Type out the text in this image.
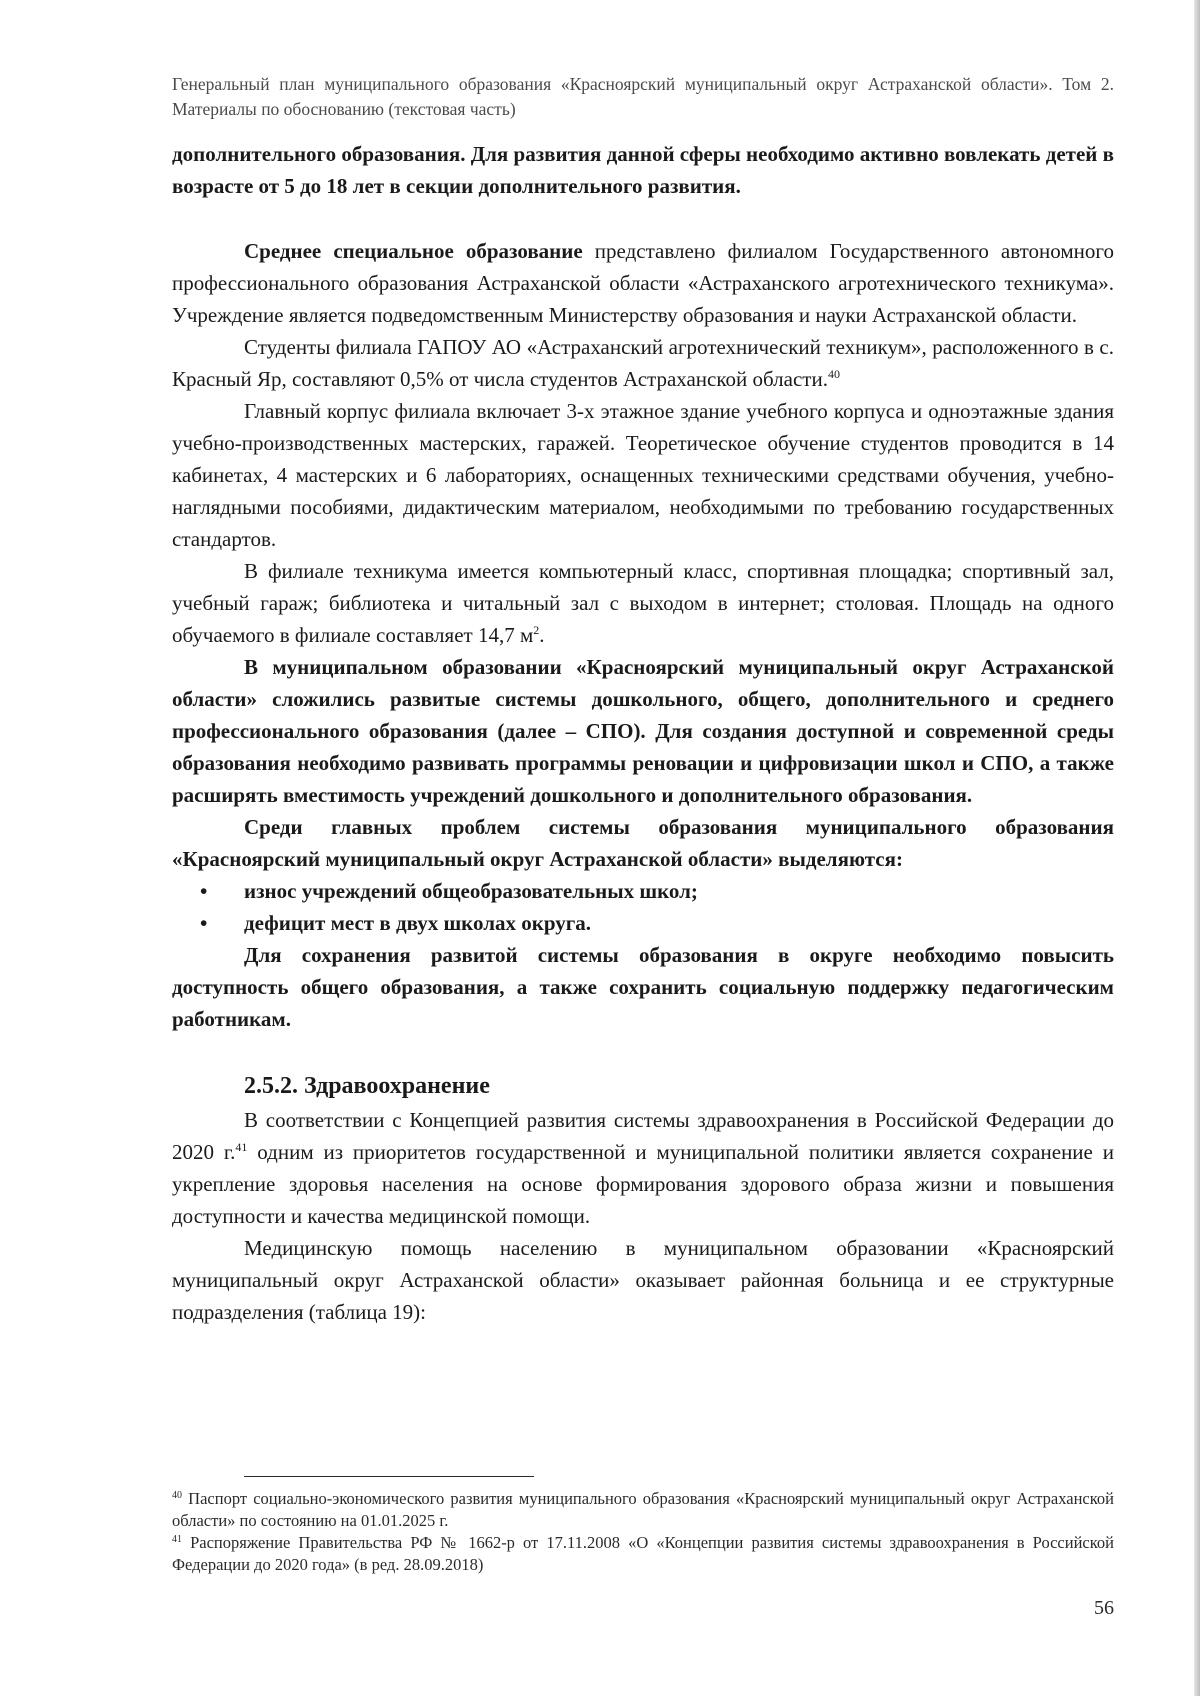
Генеральный план муниципального образования «Красноярский муниципальный округ Астраханской области». Том 2. Материалы по обоснованию (текстовая часть)

дополнительного образования. Для развития данной сферы необходимо активно вовлекать детей в возрасте от 5 до 18 лет в секции дополнительного развития.

Среднее специальное образование представлено филиалом Государственного автономного профессионального образования Астраханской области «Астраханского агротехнического техникума». Учреждение является подведомственным Министерству образования и науки Астраханской области.

Студенты филиала ГАПОУ АО «Астраханский агротехнический техникум», расположенного в с. Красный Яр, составляют 0,5% от числа студентов Астраханской области.$^{40}$

Главный корпус филиала включает 3-х этажное здание учебного корпуса и одноэтажные здания учебно-производственных мастерских, гаражей. Теоретическое обучение студентов проводится в 14 кабинетах, 4 мастерских и 6 лабораториях, оснащенных техническими средствами обучения, учебно-наглядными пособиями, дидактическим материалом, необходимыми по требованию государственных стандартов.

В филиале техникума имеется компьютерный класс, спортивная площадка; спортивный зал, учебный гараж; библиотека и читальный зал с выходом в интернет; столовая. Площадь на одного обучаемого в филиале составляет 14,7 $м^2$.

В муниципальном образовании «Красноярский муниципальный округ Астраханской области» сложились развитые системы дошкольного, общего, дополнительного и среднего профессионального образования (далее – СПО). Для создания доступной и современной среды образования необходимо развивать программы реновации и цифровизации школ и СПО, а также расширять вместимость учреждений дошкольного и дополнительного образования.

Среди главных проблем системы образования муниципального образования «Красноярский муниципальный округ Астраханской области» выделяются:

•	износ учреждений общеобразовательных школ;
•	дефицит мест в двух школах округа.

Для сохранения развитой системы образования в округе необходимо повысить доступность общего образования, а также сохранить социальную поддержку педагогическим работникам.

2.5.2. Здравоохранение

В соответствии с Концепцией развития системы здравоохранения в Российской Федерации до 2020 г.$^{41}$ одним из приоритетов государственной и муниципальной политики является сохранение и укрепление здоровья населения на основе формирования здорового образа жизни и повышения доступности и качества медицинской помощи.

Медицинскую помощь населению в муниципальном образовании «Красноярский муниципальный округ Астраханской области» оказывает районная больница и ее структурные подразделения (таблица 19):

$^{40}$ Паспорт социально-экономического развития муниципального образования «Красноярский муниципальный округ Астраханской области» по состоянию на 01.01.2025 г.

$^{41}$ Распоряжение Правительства РФ № 1662-р от 17.11.2008 «О «Концепции развития системы здравоохранения в Российской Федерации до 2020 года» (в ред. 28.09.2018)

56
